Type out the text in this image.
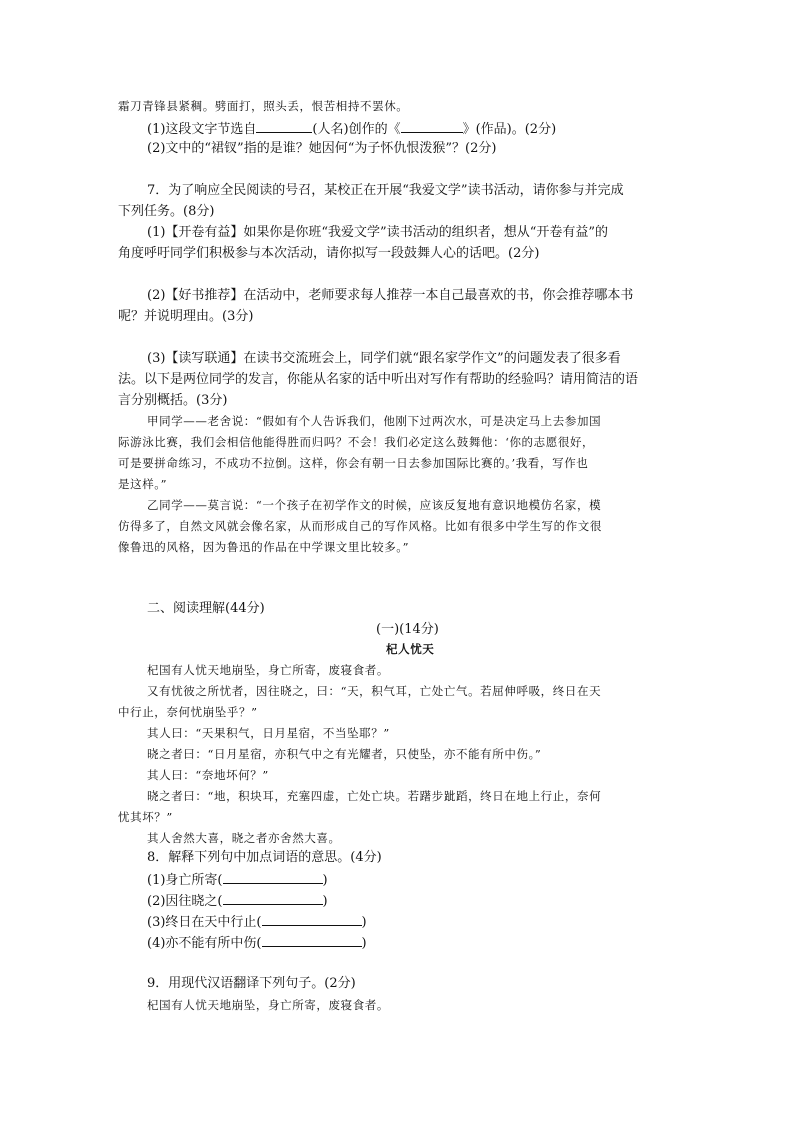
霜刀青锋县紧稠。劈面打，照头丢，恨苦相持不罢休。
(1)这段文字节选自	(人名)创作的《	》(作品)。(2分)
(2)文中的“裙钗”指的是谁？她因何“为子怀仇恨泼猴”？(2分)
7．为了响应全民阅读的号召，某校正在开展“我爱文学”读书活动，请你参与并完成
下列任务。(8分)
(1)【开卷有益】如果你是你班“我爱文学”读书活动的组织者，想从“开卷有益”的
角度呼吁同学们积极参与本次活动，请你拟写一段鼓舞人心的话吧。(2分)
(2)【好书推荐】在活动中，老师要求每人推荐一本自己最喜欢的书，你会推荐哪本书
呢？并说明理由。(3分)
(3)【读写联通】在读书交流班会上，同学们就“跟名家学作文”的问题发表了很多看
法。以下是两位同学的发言，你能从名家的话中听出对写作有帮助的经验吗？请用简洁的语
言分别概括。(3分)
甲同学——老舍说：“假如有个人告诉我们，他刚下过两次水，可是决定马上去参加国
际游泳比赛，我们会相信他能得胜而归吗？不会！我们必定这么鼓舞他：‘你的志愿很好，
可是要拼命练习，不成功不拉倒。这样，你会有朝一日去参加国际比赛的。’我看，写作也
是这样。”
乙同学——莫言说：“一个孩子在初学作文的时候，应该反复地有意识地模仿名家，模
仿得多了，自然文风就会像名家，从而形成自己的写作风格。比如有很多中学生写的作文很
像鲁迅的风格，因为鲁迅的作品在中学课文里比较多。”
二、阅读理解(44分)
(一)(14分)
杞人忧天
杞国有人忧天地崩坠，身亡所寄，废寝食者。
又有忧彼之所忧者，因往晓之，曰：“天，积气耳，亡处亡气。若屈伸呼吸，终日在天
中行止，奈何忧崩坠乎？”
其人曰：“天果积气，日月星宿，不当坠耶？”
晓之者曰：“日月星宿，亦积气中之有光耀者，只使坠，亦不能有所中伤。”
其人曰：“奈地坏何？”
晓之者曰：“地，积块耳，充塞四虚，亡处亡块。若躇步跐蹈，终日在地上行止，奈何
忧其坏？”
其人舍然大喜，晓之者亦舍然大喜。
8．解释下列句中加点词语的意思。(4分)
(1)身亡所寄(	)
(2)因往晓之(	)
(3)终日在天中行止(	)
(4)亦不能有所中伤(	)
9．用现代汉语翻译下列句子。(2分)
杞国有人忧天地崩坠，身亡所寄，废寝食者。
